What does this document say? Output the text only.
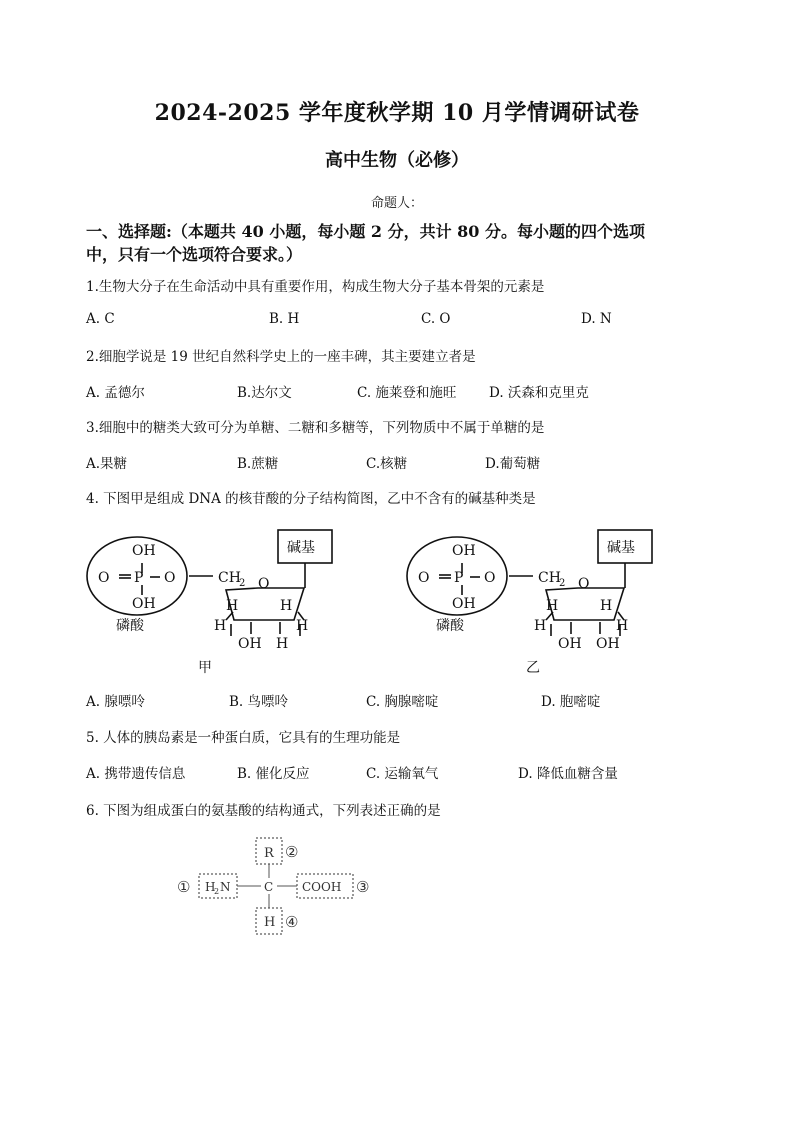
2024-2025 学年度秋学期 10 月学情调研试卷
高中生物（必修）
命题人：
一、选择题:（本题共 40 小题，每小题 2 分，共计 80 分。每小题的四个选项
中，只有一个选项符合要求。）
1.生物大分子在生命活动中具有重要作用，构成生物大分子基本骨架的元素是
A. C	B. H	C. O	D. N
2.细胞学说是 19 世纪自然科学史上的一座丰碑，其主要建立者是
A. 孟德尔	B.达尔文	C. 施莱登和施旺 D. 沃森和克里克
3.细胞中的糖类大致可分为单糖、二糖和多糖等，下列物质中不属于单糖的是
A.果糖	B.蔗糖	C.核糖	D.葡萄糖
4. 下图甲是组成 DNA 的核苷酸的分子结构简图，乙中不含有的碱基种类是
OH
O P O
OH
磷酸
碱基
CH
2 O
H	H
H	H
OH H
甲
OH
O P O
OH
磷酸
碱基
CH
2 O
H	H
H	H
OH OH
乙
A. 腺嘌呤	B. 鸟嘌呤	C. 胸腺嘧啶	D. 胞嘧啶
5. 人体的胰岛素是一种蛋白质，它具有的生理功能是
A. 携带遗传信息	B. 催化反应	C. 运输氧气	D. 降低血糖含量
6. 下图为组成蛋白的氨基酸的结构通式，下列表述正确的是
R ②
① H
2 N	C COOH ③
H ④
